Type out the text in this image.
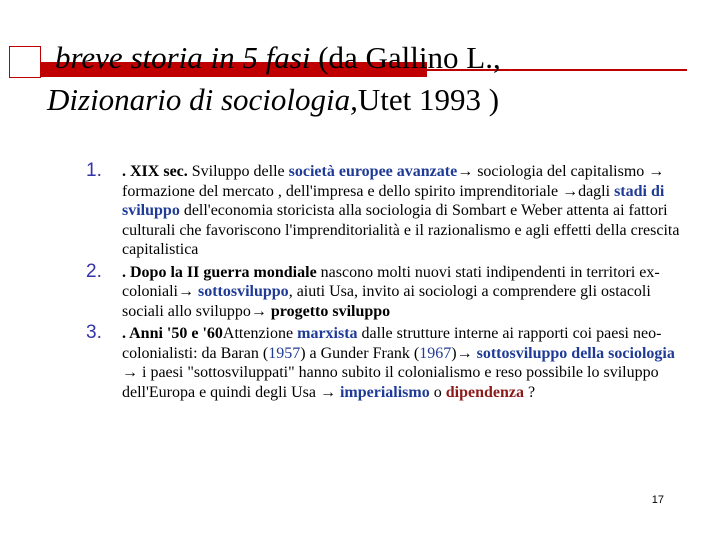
breve storia in 5 fasi (da Gallino L.,
Dizionario di sociologia,Utet 1993 )
1. . XIX sec. Sviluppo delle società europee avanzate→ sociologia del capitalismo → formazione del mercato , dell'impresa e dello spirito imprenditoriale →dagli stadi di sviluppo dell'economia storicista alla sociologia di Sombart e Weber attenta ai fattori culturali che favoriscono l'imprenditorialità e il razionalismo e agli effetti della crescita capitalistica
2. . Dopo la II guerra mondiale nascono molti nuovi stati indipendenti in territori ex-coloniali→ sottosviluppo, aiuti Usa, invito ai sociologi a comprendere gli ostacoli sociali allo sviluppo→ progetto sviluppo
3. . Anni '50 e '60Attenzione marxista dalle strutture interne ai rapporti coi paesi neo-colonialisti: da Baran (1957) a Gunder Frank (1967)→ sottosviluppo della sociologia → i paesi "sottosviluppati" hanno subito il colonialismo e reso possibile lo sviluppo dell'Europa e quindi degli Usa → imperialismo o dipendenza ?
17
